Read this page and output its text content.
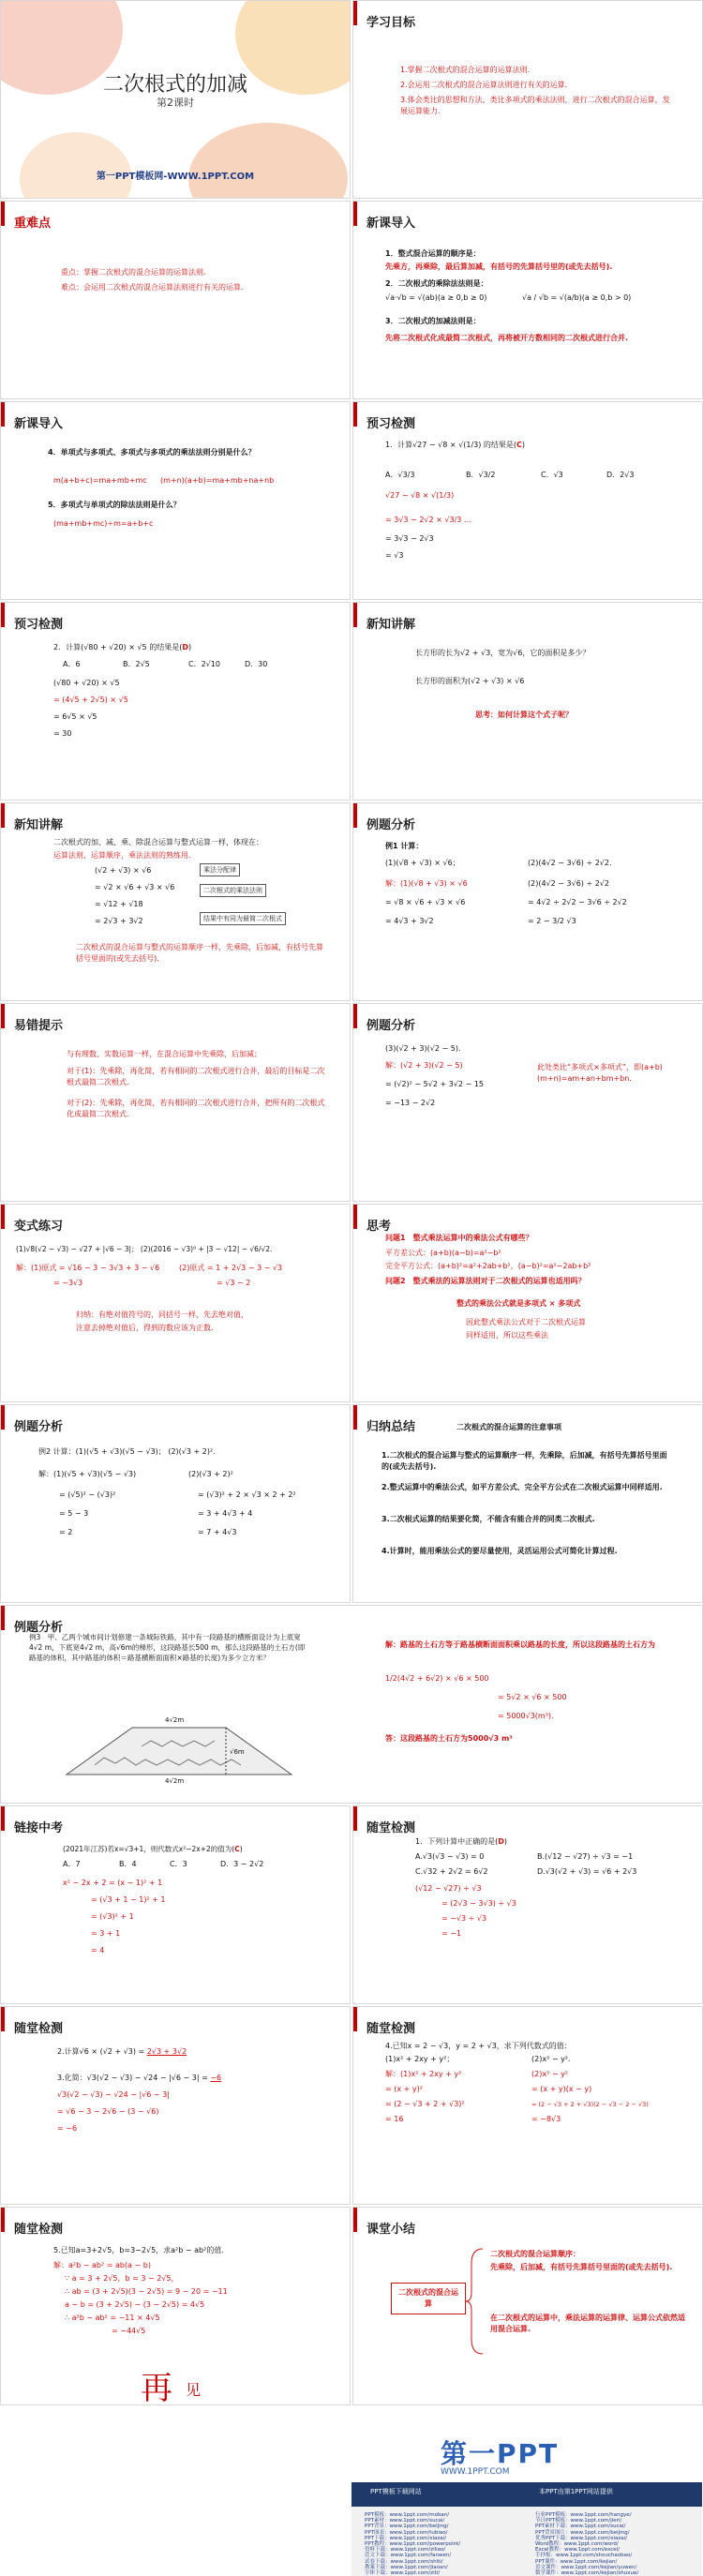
二次根式的加减
第2课时
第一PPT模板网-WWW.1PPT.COM
学习目标
1.掌握二次根式的混合运算的运算法则.
2.会运用二次根式的混合运算法则进行有关的运算.
3.体会类比的思想和方法，类比多项式的乘法法则，进行二次根式的混合运算，发展运算能力.
重难点
重点：掌握二次根式的混合运算的运算法则.
难点：会运用二次根式的混合运算法则进行有关的运算.
新课导入
1．整式混合运算的顺序是：
先乘方，再乘除，最后算加减，有括号的先算括号里的(或先去括号).
2．二次根式的乘除法法则是：
√a·√b = √(ab)(a ≥ 0,b ≥ 0)	√a / √b = √(a/b)(a ≥ 0,b > 0)
3．二次根式的加减法则是：
先将二次根式化成最简二次根式，再将被开方数相同的二次根式进行合并.
新课导入
4．单项式与多项式、多项式与多项式的乘法法则分别是什么？
m(a+b+c)=ma+mb+mc (m+n)(a+b)=ma+mb+na+nb
5．多项式与单项式的除法法则是什么？
(ma+mb+mc)÷m=a+b+c
预习检测
1．计算√27 − √8 × √(1/3) 的结果是(C)
A．√3/3	B．√3/2	C．√3	D．2√3
√27 − √8 × √(1/3)
= 3√3 − 2√2 × √3/3 ...
= 3√3 − 2√3
= √3
预习检测
2．计算(√80 + √20) × √5 的结果是(D)
A．6	B．2√5	C．2√10	D．30
(√80 + √20) × √5
= (4√5 + 2√5) × √5
= 6√5 × √5
= 30
新知讲解
长方形的长为√2 + √3，宽为√6，它的面积是多少？
长方形的面积为(√2 + √3) × √6
思考：如何计算这个式子呢？
新知讲解
二次根式的加、减、乘、除混合运算与整式运算一样，体现在：
运算法则，运算顺序，乘法法则的熟练用.
(√2 + √3) × √6
= √2 × √6 + √3 × √6
= √12 + √18
= 2√3 + 3√2
乘法分配律
二次根式的乘法法则
结果中有同为最简二次根式
二次根式的混合运算与整式的运算顺序一样，先乘除，后加减，有括号先算括号里面的(或先去括号).
例题分析
例1 计算：
(1)(√8 + √3) × √6；	(2)(4√2 − 3√6) ÷ 2√2.
解：(1)(√8 + √3) × √6
= √8 × √6 + √3 × √6
= 4√3 + 3√2
(2)(4√2 − 3√6) ÷ 2√2
= 4√2 ÷ 2√2 − 3√6 ÷ 2√2
= 2 − 3/2 √3
易错提示
与有理数、实数运算一样，在混合运算中先乘除，后加减；
对于(1)：先乘除，再化简，若有相同的二次根式进行合并，最后的目标是二次根式最简二次根式.
对于(2)：先乘除，再化简，若有相同的二次根式进行合并，把所有的二次根式化成最简二次根式.
例题分析
(3)(√2 + 3)(√2 − 5).
解：(√2 + 3)(√2 − 5)
= (√2)² − 5√2 + 3√2 − 15
= −13 − 2√2
此处类比“多项式×多项式”，即(a+b)(m+n)=am+an+bm+bn.
变式练习
(1)√8(√2 − √3) − √27 + |√6 − 3|； (2)(2016 − √3)⁰ + |3 − √12| − √6/√2.
解：(1)原式 = √16 − 3 − 3√3 + 3 − √6
= −3√3
(2)原式 = 1 + 2√3 − 3 − √3
= √3 − 2
归纳：有绝对值符号的，同括号一样，先去绝对值，
注意去掉绝对值后，得到的数应该为正数.
思考
问题1　整式乘法运算中的乘法公式有哪些？
平方差公式：(a+b)(a−b)=a²−b²
完全平方公式：(a+b)²=a²+2ab+b²，(a−b)²=a²−2ab+b²
问题2　整式乘法的运算法则对于二次根式的运算也适用吗？
整式的乘法公式就是多项式 × 多项式
因此整式乘法公式对于二次根式运算
同样适用，所以这些乘法
例题分析
例2 计算：(1)(√5 + √3)(√5 − √3)； (2)(√3 + 2)².
解：(1)(√5 + √3)(√5 − √3)
= (√5)² − (√3)²
= 5 − 3
= 2
(2)(√3 + 2)²
= (√3)² + 2 × √3 × 2 + 2²
= 3 + 4√3 + 4
= 7 + 4√3
归纳总结	二次根式的混合运算的注意事项
1.二次根式的混合运算与整式的运算顺序一样，先乘除，后加减，有括号先算括号里面的(或先去括号).
2.整式运算中的乘法公式，如平方差公式、完全平方公式在二次根式运算中同样适用.
3.二次根式运算的结果要化简，不能含有能合并的同类二次根式.
4.计算时，能用乘法公式的要尽量使用，灵活运用公式可简化计算过程.
例题分析
例3　甲、乙两个城市间计划修建一条城际铁路，其中有一段路基的横断面设计为上底宽4√2 m，下底宽4√2 m，高√6m的梯形，这段路基长500 m，那么这段路基的土石方(即路基的体积，其中路基的体积＝路基横断面面积×路基的长度)为多少立方米？
4√2m
√6m
4√2m
解：路基的土石方等于路基横断面面积乘以路基的长度，所以这段路基的土石方为
1/2(4√2 + 6√2) × √6 × 500
= 5√2 × √6 × 500
= 5000√3(m³).
答：这段路基的土石方为5000√3 m³
链接中考
(2021年江苏)若x=√3+1，则代数式x²−2x+2的值为(C)
A．7	B．4	C．3	D．3 − 2√2
x² − 2x + 2 = (x − 1)² + 1
= (√3 + 1 − 1)² + 1
= (√3)² + 1
= 3 + 1
= 4
随堂检测
1．下列计算中正确的是(D)
A.√3(√3 − √3) = 0	B.(√12 − √27) ÷ √3 = −1
C.√32 + 2√2 = 6√2	D.√3(√2 + √3) = √6 + 2√3
(√12 − √27) ÷ √3
= (2√3 − 3√3) ÷ √3
= −√3 ÷ √3
= −1
随堂检测
2.计算√6 × (√2 + √3) = 2√3 + 3√2
3.化简：√3(√2 − √3) − √24 − |√6 − 3| = −6
√3(√2 − √3) − √24 − |√6 − 3|
= √6 − 3 − 2√6 − (3 − √6)
= −6
随堂检测
4.已知x = 2 − √3，y = 2 + √3，求下列代数式的值：
(1)x² + 2xy + y²；	(2)x² − y².
解：(1)x² + 2xy + y²
= (x + y)²
= (2 − √3 + 2 + √3)²
= 16
(2)x² − y²
= (x + y)(x − y)
= (2 − √3 + 2 + √3)(2 − √3 − 2 − √3)
= −8√3
随堂检测
5.已知a=3+2√5，b=3−2√5，求a²b − ab²的值.
解：a²b − ab² = ab(a − b)
∵ a = 3 + 2√5，b = 3 − 2√5，
∴ ab = (3 + 2√5)(3 − 2√5) = 9 − 20 = −11
a − b = (3 + 2√5) − (3 − 2√5) = 4√5
∴ a²b − ab² = −11 × 4√5
= −44√5
课堂小结
二次根式的混合运算
二次根式的混合运算顺序：
先乘除，后加减，有括号先算括号里面的(或先去括号).
在二次根式的运算中，乘法运算的运算律、运算公式依然适用混合运算.
再 见
第一PPT
WWW.1PPT.COM
PPT模板下载网站	本PPT由第1PPT网站提供
PPT模板：www.1ppt.com/moban/
PPT素材：www.1ppt.com/sucai/
PPT背景：www.1ppt.com/beijing/
PPT图表：www.1ppt.com/tubiao/
PPT下载：www.1ppt.com/xiazai/
PPT教程：www.1ppt.com/powerpoint/
资料下载：www.1ppt.com/ziliao/
范文下载：www.1ppt.com/fanwen/
试卷下载：www.1ppt.com/shiti/
教案下载：www.1ppt.com/jiaoan/
字体下载：www.1ppt.com/ziti/
行业PPT模板：www.1ppt.com/hangye/
节日PPT模板：www.1ppt.com/jieri/
PPT素材下载：www.1ppt.com/sucai/
PPT背景图片：www.1ppt.com/beijing/
优秀PPT下载：www.1ppt.com/xiazai/
Word教程：www.1ppt.com/word/
Excel教程：www.1ppt.com/excel/
手抄报：www.1ppt.com/shouchaobao/
PPT课件：www.1ppt.com/kejian/
语文课件：www.1ppt.com/kejian/yuwen/
数学课件：www.1ppt.com/kejian/shuxue/
